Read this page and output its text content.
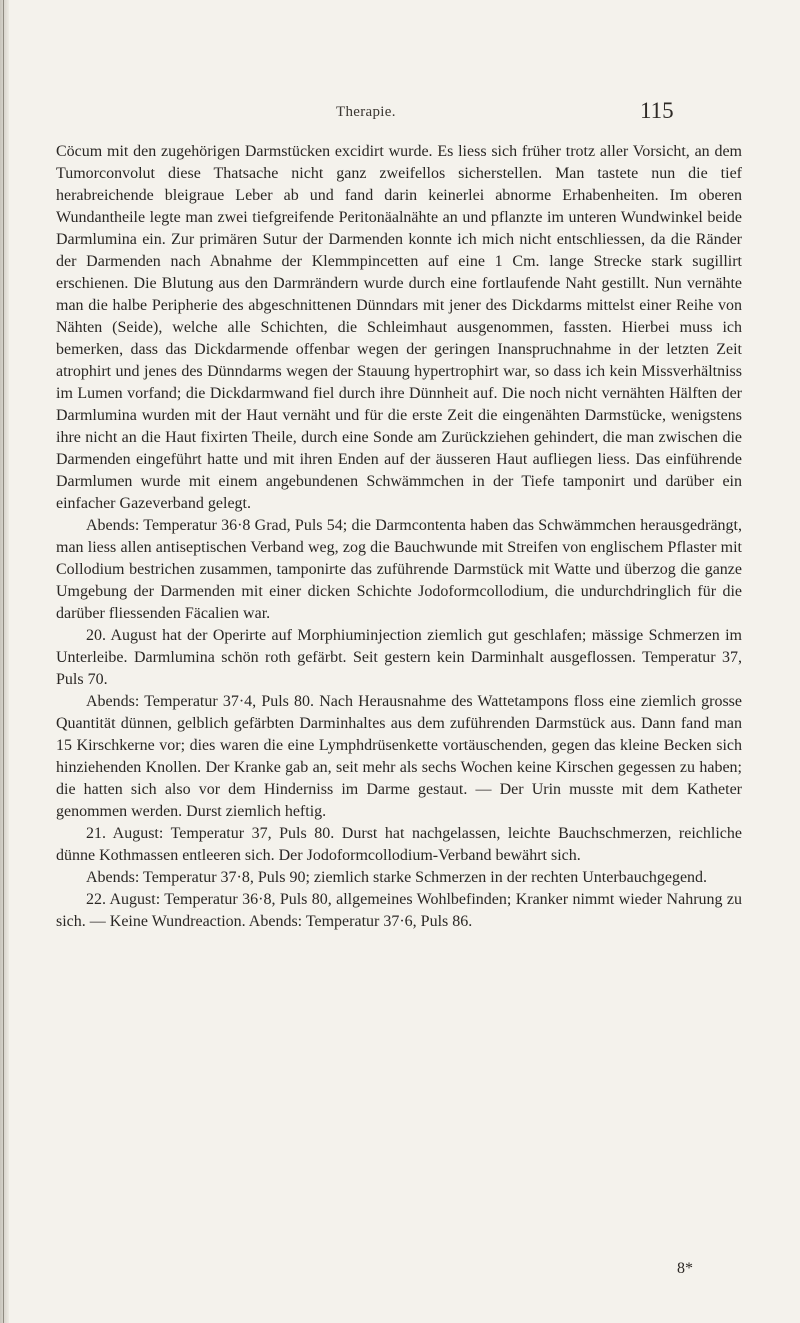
Therapie.	115

Cöcum mit den zugehörigen Darmstücken excidirt wurde. Es liess sich früher trotz aller Vorsicht, an dem Tumorconvolut diese Thatsache nicht ganz zweifellos sicherstellen. Man tastete nun die tief herabreichende bleigraue Leber ab und fand darin keinerlei abnorme Erhabenheiten. Im oberen Wundantheile legte man zwei tiefgreifende Peritonäalnähte an und pflanzte im unteren Wundwinkel beide Darmlumina ein. Zur primären Sutur der Darmenden konnte ich mich nicht entschliessen, da die Ränder der Darmenden nach Abnahme der Klemmpincetten auf eine 1 Cm. lange Strecke stark sugillirt erschienen. Die Blutung aus den Darmrändern wurde durch eine fortlaufende Naht gestillt. Nun vernähte man die halbe Peripherie des abgeschnittenen Dünndars mit jener des Dickdarms mittelst einer Reihe von Nähten (Seide), welche alle Schichten, die Schleimhaut ausgenommen, fassten. Hierbei muss ich bemerken, dass das Dickdarmende offenbar wegen der geringen Inanspruchnahme in der letzten Zeit atrophirt und jenes des Dünndarms wegen der Stauung hypertrophirt war, so dass ich kein Missverhältniss im Lumen vorfand; die Dickdarmwand fiel durch ihre Dünnheit auf. Die noch nicht vernähten Hälften der Darmlumina wurden mit der Haut vernäht und für die erste Zeit die eingenähten Darmstücke, wenigstens ihre nicht an die Haut fixirten Theile, durch eine Sonde am Zurückziehen gehindert, die man zwischen die Darmenden eingeführt hatte und mit ihren Enden auf der äusseren Haut aufliegen liess. Das einführende Darmlumen wurde mit einem angebundenen Schwämmchen in der Tiefe tamponirt und darüber ein einfacher Gazeverband gelegt.

Abends: Temperatur 36·8 Grad, Puls 54; die Darmcontenta haben das Schwämmchen herausgedrängt, man liess allen antiseptischen Verband weg, zog die Bauchwunde mit Streifen von englischem Pflaster mit Collodium bestrichen zusammen, tamponirte das zuführende Darmstück mit Watte und überzog die ganze Umgebung der Darmenden mit einer dicken Schichte Jodoformcollodium, die undurchdringlich für die darüber fliessenden Fäcalien war.

20. August hat der Operirte auf Morphiuminjection ziemlich gut geschlafen; mässige Schmerzen im Unterleibe. Darmlumina schön roth gefärbt. Seit gestern kein Darminhalt ausgeflossen. Temperatur 37, Puls 70.

Abends: Temperatur 37·4, Puls 80. Nach Herausnahme des Wattetampons floss eine ziemlich grosse Quantität dünnen, gelblich gefärbten Darminhaltes aus dem zuführenden Darmstück aus. Dann fand man 15 Kirschkerne vor; dies waren die eine Lymphdrüsenkette vortäuschenden, gegen das kleine Becken sich hinziehenden Knollen. Der Kranke gab an, seit mehr als sechs Wochen keine Kirschen gegessen zu haben; die hatten sich also vor dem Hinderniss im Darme gestaut. — Der Urin musste mit dem Katheter genommen werden. Durst ziemlich heftig.

21. August: Temperatur 37, Puls 80. Durst hat nachgelassen, leichte Bauchschmerzen, reichliche dünne Kothmassen entleeren sich. Der Jodoformcollodium-Verband bewährt sich.

Abends: Temperatur 37·8, Puls 90; ziemlich starke Schmerzen in der rechten Unterbauchgegend.

22. August: Temperatur 36·8, Puls 80, allgemeines Wohlbefinden; Kranker nimmt wieder Nahrung zu sich. — Keine Wundreaction. Abends: Temperatur 37·6, Puls 86.

8*
